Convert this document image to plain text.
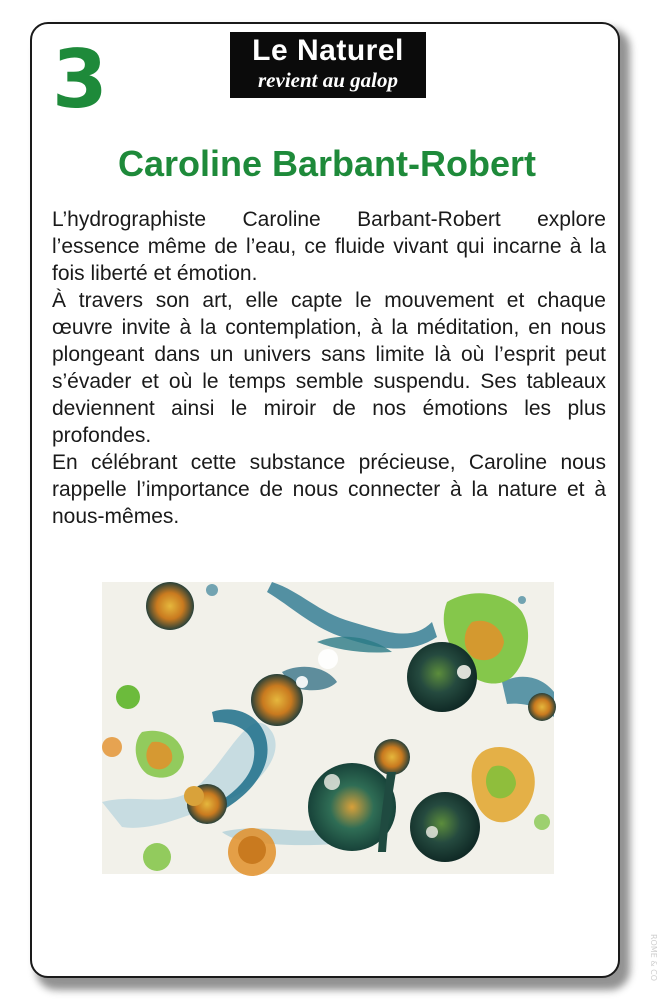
3	Le Naturel
revient au galop
Caroline Barbant-Robert

L’hydrographiste Caroline Barbant-Robert explore l’essence même de l’eau, ce fluide vivant qui incarne à la fois liberté et émotion.

À travers son art, elle capte le mouvement et chaque œuvre invite à la contemplation, à la méditation, en nous plongeant dans un univers sans limite là où l’esprit peut s’évader et où le temps semble suspendu. Ses tableaux deviennent ainsi le miroir de nos émotions les plus profondes.

En célébrant cette substance précieuse, Caroline nous rappelle l’importance de nous connecter à la nature et à nous-mêmes.

ROME & CO
